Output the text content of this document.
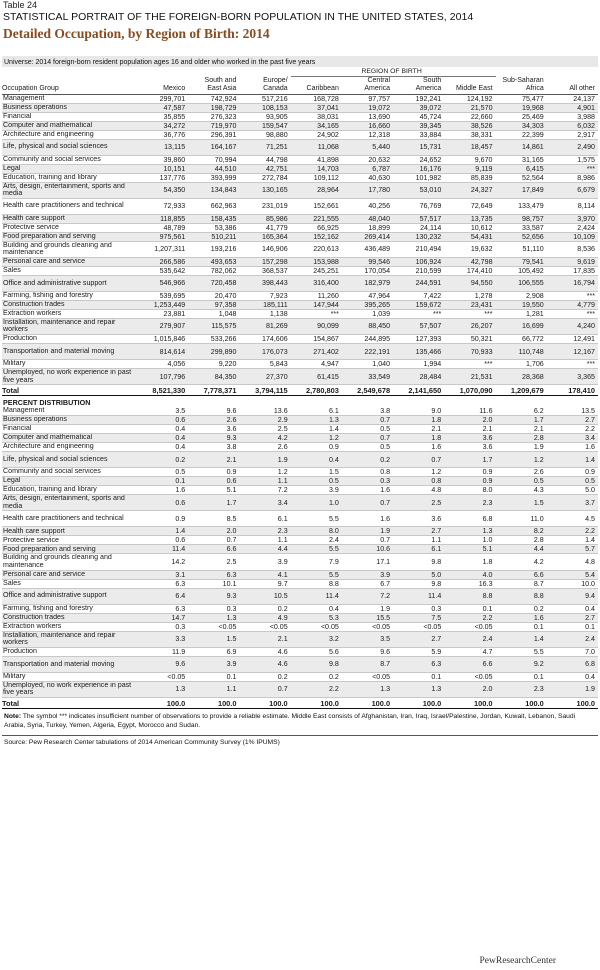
Table 24
STATISTICAL PORTRAIT OF THE FOREIGN-BORN POPULATION IN THE UNITED STATES, 2014
Detailed Occupation, by Region of Birth: 2014
Universe: 2014 foreign-born resident population ages 16 and older who worked in the past five years
				REGION OF BIRTH					
Occupation Group	Mexico	South and
East Asia	Europe/
Canada	Caribbean	Central
America	South
America	Middle East	Sub-Saharan
Africa	All other
Management	299,701	742,924	517,216	168,728	97,757	192,241	124,192	75,477	24,137
Business operations	47,587	198,729	108,153	37,041	19,072	39,072	21,570	19,968	4,901
Financial	35,855	276,323	93,905	38,031	13,690	45,724	22,660	25,469	3,988
Computer and mathematical	34,272	719,970	159,547	34,165	16,660	39,345	38,526	34,303	6,032
Architecture and engineering	36,776	296,391	98,880	24,902	12,318	33,884	38,331	22,399	2,917
Life, physical and social sciences	13,115	164,167	71,251	11,068	5,440	15,731	18,457	14,861	2,490
Community and social services	39,860	70,994	44,798	41,898	20,632	24,652	9,670	31,165	1,575
Legal	10,151	44,510	42,751	14,703	6,787	16,176	9,119	6,415	***
Education, training and library	137,776	393,999	272,784	109,112	40,630	101,982	85,839	52,564	8,986
Arts, design, entertainment, sports and media	54,350	134,843	130,165	28,964	17,780	53,010	24,327	17,849	6,679
Health care practitioners and technical	72,933	662,963	231,019	152,661	40,256	76,769	72,649	133,479	8,114
Health care support	118,855	158,435	85,986	221,555	48,040	57,517	13,735	98,757	3,970
Protective service	48,789	53,386	41,779	66,925	18,899	24,114	10,612	33,587	2,424
Food preparation and serving	975,561	510,211	165,364	152,162	269,414	130,232	54,431	52,656	10,109
Building and grounds cleaning and maintenance	1,207,311	193,216	146,906	220,613	436,489	210,494	19,632	51,110	8,536
Personal care and service	266,586	493,653	157,298	153,988	99,546	106,924	42,798	79,541	9,619
Sales	535,642	782,062	368,537	245,251	170,054	210,599	174,410	105,492	17,835
Office and administrative support	546,966	720,458	398,443	316,400	182,979	244,591	94,550	106,555	16,794
Farming, fishing and forestry	539,695	20,470	7,923	11,260	47,964	7,422	1,278	2,908	***
Construction trades	1,253,449	97,358	185,111	147,944	395,265	159,672	23,431	19,550	4,779
Extraction workers	23,881	1,048	1,138	***	1,039	***	***	1,281	***
Installation, maintenance and repair workers	279,907	115,575	81,269	90,099	88,450	57,507	26,207	16,699	4,240
Production	1,015,846	533,266	174,606	154,867	244,895	127,393	50,321	66,772	12,491
Transportation and material moving	814,614	299,890	176,073	271,402	222,191	135,466	70,933	110,748	12,167
Military	4,056	9,220	5,843	4,947	1,040	1,994	***	1,706	***
Unemployed, no work experience in past five years	107,796	84,350	27,370	61,415	33,549	28,484	21,531	28,368	3,365
Total	8,521,330	7,778,371	3,794,115	2,780,803	2,549,678	2,141,650	1,070,090	1,209,679	178,410
PERCENT DISTRIBUTION									
Management	3.5	9.6	13.6	6.1	3.8	9.0	11.6	6.2	13.5
Business operations	0.6	2.6	2.9	1.3	0.7	1.8	2.0	1.7	2.7
Financial	0.4	3.6	2.5	1.4	0.5	2.1	2.1	2.1	2.2
Computer and mathematical	0.4	9.3	4.2	1.2	0.7	1.8	3.6	2.8	3.4
Architecture and engineering	0.4	3.8	2.6	0.9	0.5	1.6	3.6	1.9	1.6
Life, physical and social sciences	0.2	2.1	1.9	0.4	0.2	0.7	1.7	1.2	1.4
Community and social services	0.5	0.9	1.2	1.5	0.8	1.2	0.9	2.6	0.9
Legal	0.1	0.6	1.1	0.5	0.3	0.8	0.9	0.5	0.5
Education, training and library	1.6	5.1	7.2	3.9	1.6	4.8	8.0	4.3	5.0
Arts, design, entertainment, sports and media	0.6	1.7	3.4	1.0	0.7	2.5	2.3	1.5	3.7
Health care practitioners and technical	0.9	8.5	6.1	5.5	1.6	3.6	6.8	11.0	4.5
Health care support	1.4	2.0	2.3	8.0	1.9	2.7	1.3	8.2	2.2
Protective service	0.6	0.7	1.1	2.4	0.7	1.1	1.0	2.8	1.4
Food preparation and serving	11.4	6.6	4.4	5.5	10.6	6.1	5.1	4.4	5.7
Building and grounds cleaning and maintenance	14.2	2.5	3.9	7.9	17.1	9.8	1.8	4.2	4.8
Personal care and service	3.1	6.3	4.1	5.5	3.9	5.0	4.0	6.6	5.4
Sales	6.3	10.1	9.7	8.8	6.7	9.8	16.3	8.7	10.0
Office and administrative support	6.4	9.3	10.5	11.4	7.2	11.4	8.8	8.8	9.4
Farming, fishing and forestry	6.3	0.3	0.2	0.4	1.9	0.3	0.1	0.2	0.4
Construction trades	14.7	1.3	4.9	5.3	15.5	7.5	2.2	1.6	2.7
Extraction workers	0.3	<0.05	<0.05	<0.05	<0.05	<0.05	<0.05	0.1	0.1
Installation, maintenance and repair workers	3.3	1.5	2.1	3.2	3.5	2.7	2.4	1.4	2.4
Production	11.9	6.9	4.6	5.6	9.6	5.9	4.7	5.5	7.0
Transportation and material moving	9.6	3.9	4.6	9.8	8.7	6.3	6.6	9.2	6.8
Military	<0.05	0.1	0.2	0.2	<0.05	0.1	<0.05	0.1	0.4
Unemployed, no work experience in past five years	1.3	1.1	0.7	2.2	1.3	1.3	2.0	2.3	1.9
Total	100.0	100.0	100.0	100.0	100.0	100.0	100.0	100.0	100.0
Note: The symbol *** indicates insufficient number of observations to provide a reliable estimate. Middle East consists of Afghanistan, Iran, Iraq, Israel/Palestine, Jordan, Kuwait, Lebanon, Saudi Arabia, Syria, Turkey, Yemen, Algeria, Egypt, Morocco and Sudan.
Source: Pew Research Center tabulations of 2014 American Community Survey (1% IPUMS)
PewResearchCenter
